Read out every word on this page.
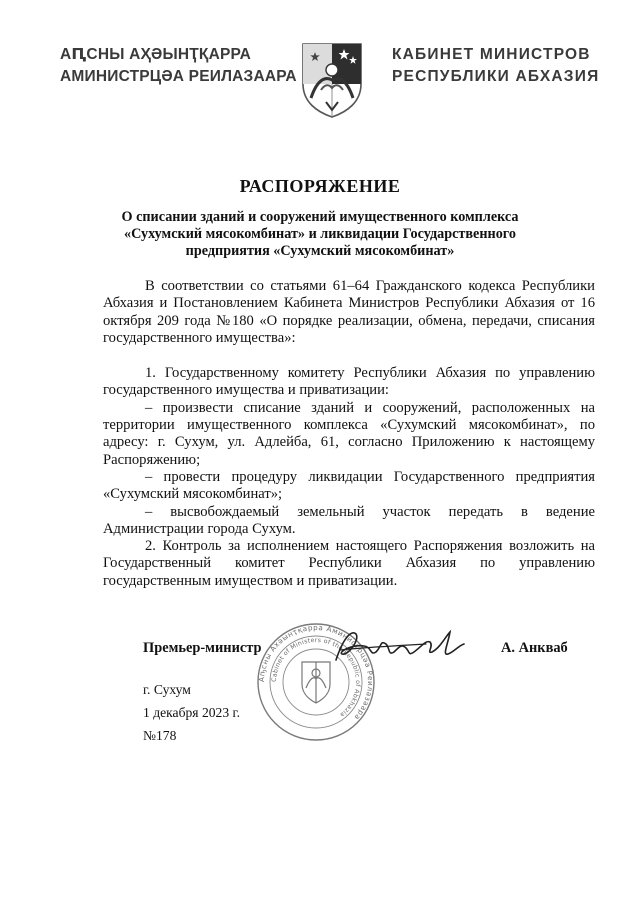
АԤСНЫ АҲӘЫНҬҚАРРА
АМИНИСТРЦӘА РЕИЛАЗААРА
КАБИНЕТ МИНИСТРОВ
РЕСПУБЛИКИ АБХАЗИЯ
РАСПОРЯЖЕНИЕ
О списании зданий и сооружений имущественного комплекса
«Сухумский мясокомбинат» и ликвидации Государственного
предприятия «Сухумский мясокомбинат»

В соответствии со статьями 61–64 Гражданского кодекса Республики Абхазия и Постановлением Кабинета Министров Республики Абхазия от 16 октября 209 года №180 «О порядке реализации, обмена, передачи, списания государственного имущества»:

1. Государственному комитету Республики Абхазия по управлению государственного имущества и приватизации:

– произвести списание зданий и сооружений, расположенных на территории имущественного комплекса «Сухумский мясокомбинат», по адресу: г. Сухум, ул. Адлейба, 61, согласно Приложению к настоящему Распоряжению;

– провести процедуру ликвидации Государственного предприятия «Сухумский мясокомбинат»;

– высвобождаемый земельный участок передать в ведение Администрации города Сухум.

2. Контроль за исполнением настоящего Распоряжения возложить на Государственный комитет Республики Абхазия по управлению государственным имуществом и приватизации.

Аҧсны Ахәынҭқарра Аминистрцәа Реилазаара
Cabinet of Ministers of the Republic of Abkhazia
Премьер-министр	А. Анкваб
г. Сухум
1 декабря 2023 г.
№178
